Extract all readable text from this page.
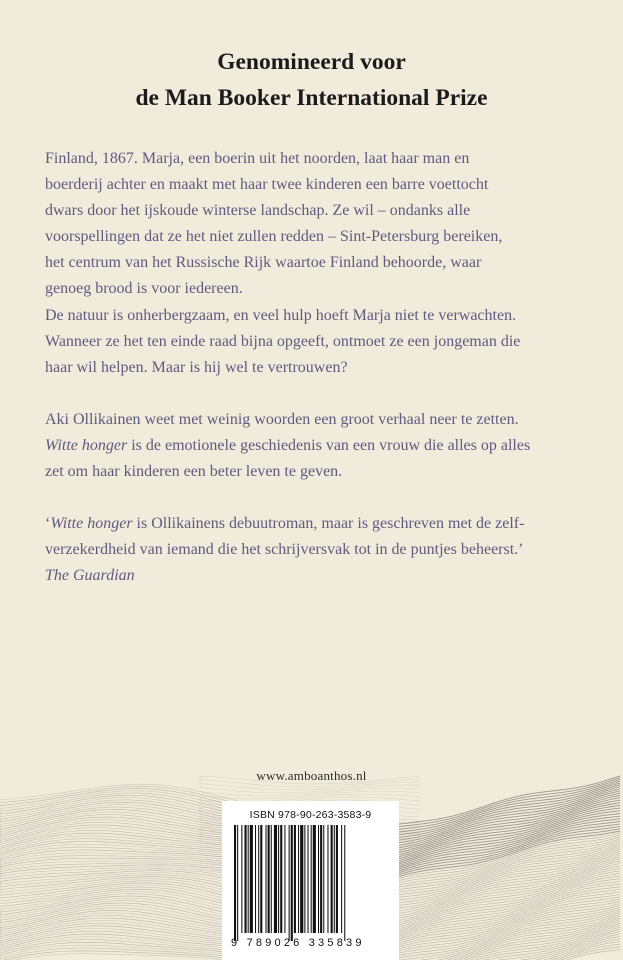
Genomineerd voor
de Man Booker International Prize

Finland, 1867. Marja, een boerin uit het noorden, laat haar man en
boerderij achter en maakt met haar twee kinderen een barre voettocht
dwars door het ijskoude winterse landschap. Ze wil – ondanks alle
voorspellingen dat ze het niet zullen redden – Sint-Petersburg bereiken,
het centrum van het Russische Rijk waartoe Finland behoorde, waar
genoeg brood is voor iedereen.

De natuur is onherbergzaam, en veel hulp hoeft Marja niet te verwachten.
Wanneer ze het ten einde raad bijna opgeeft, ontmoet ze een jongeman die
haar wil helpen. Maar is hij wel te vertrouwen?

Aki Ollikainen weet met weinig woorden een groot verhaal neer te zetten.
Witte honger is de emotionele geschiedenis van een vrouw die alles op alles
zet om haar kinderen een beter leven te geven.

‘Witte honger is Ollikainens debuutroman, maar is geschreven met de zelf-
verzekerdheid van iemand die het schrijversvak tot in de puntjes beheerst.’
The Guardian

www.amboanthos.nl
ISBN 978-90-263-3583-9
9 789026 335839
